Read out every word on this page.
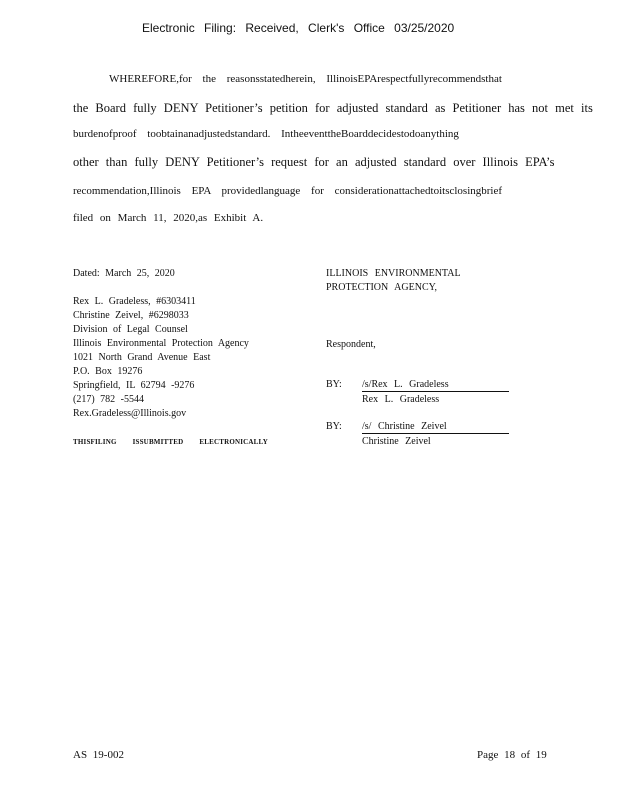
Electronic Filing: Received, Clerk's Office 03/25/2020
WHEREFORE,for the reasonsstatedherein, IllinoisEPArespectfullyrecommendsthat
the Board fully DENY Petitioner’s petition for adjusted standard as Petitioner has not met its
burdenofproof toobtainanadjustedstandard. IntheeventtheBoarddecidestodoanything
other than fully DENY Petitioner’s request for an adjusted standard over Illinois EPA’s
recommendation,Illinois EPA providedlanguage for considerationattachedtoitsclosingbrief
filed on March 11, 2020,as Exhibit A.
Dated: March 25, 2020	ILLINOIS ENVIRONMENTAL
PROTECTION AGENCY,
Rex L. Gradeless, #6303411
Christine Zeivel, #6298033
Division of Legal Counsel
Illinois Environmental Protection Agency
1021 North Grand Avenue East
P.O. Box 19276
Springfield, IL 62794 -9276
(217) 782 -5544
Rex.Gradeless@Illinois.gov
Respondent,
BY: /s/Rex L. Gradeless
Rex L. Gradeless
BY: /s/ Christine Zeivel
Christine Zeivel
THISFILING ISSUBMITTED ELECTRONICALLY
AS 19-002	Page 18 of 19
